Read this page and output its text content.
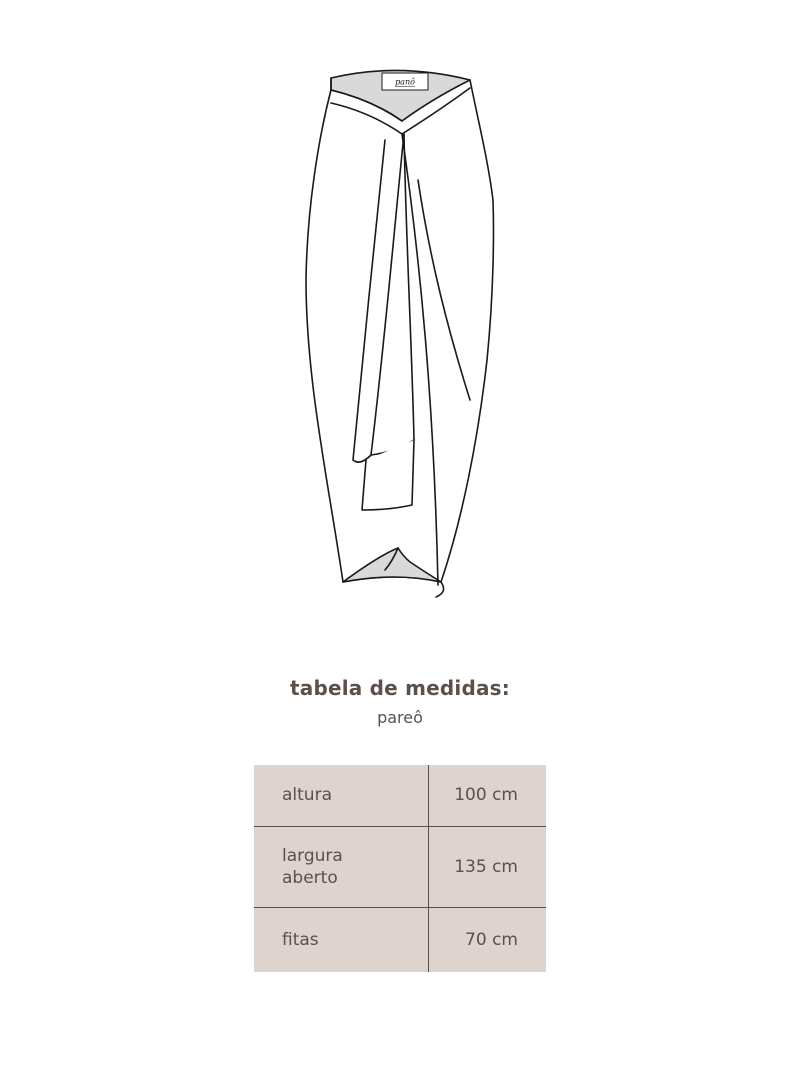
panô
tabela de medidas:
pareô
altura	100 cm
largura
aberto	135 cm
fitas	70 cm
